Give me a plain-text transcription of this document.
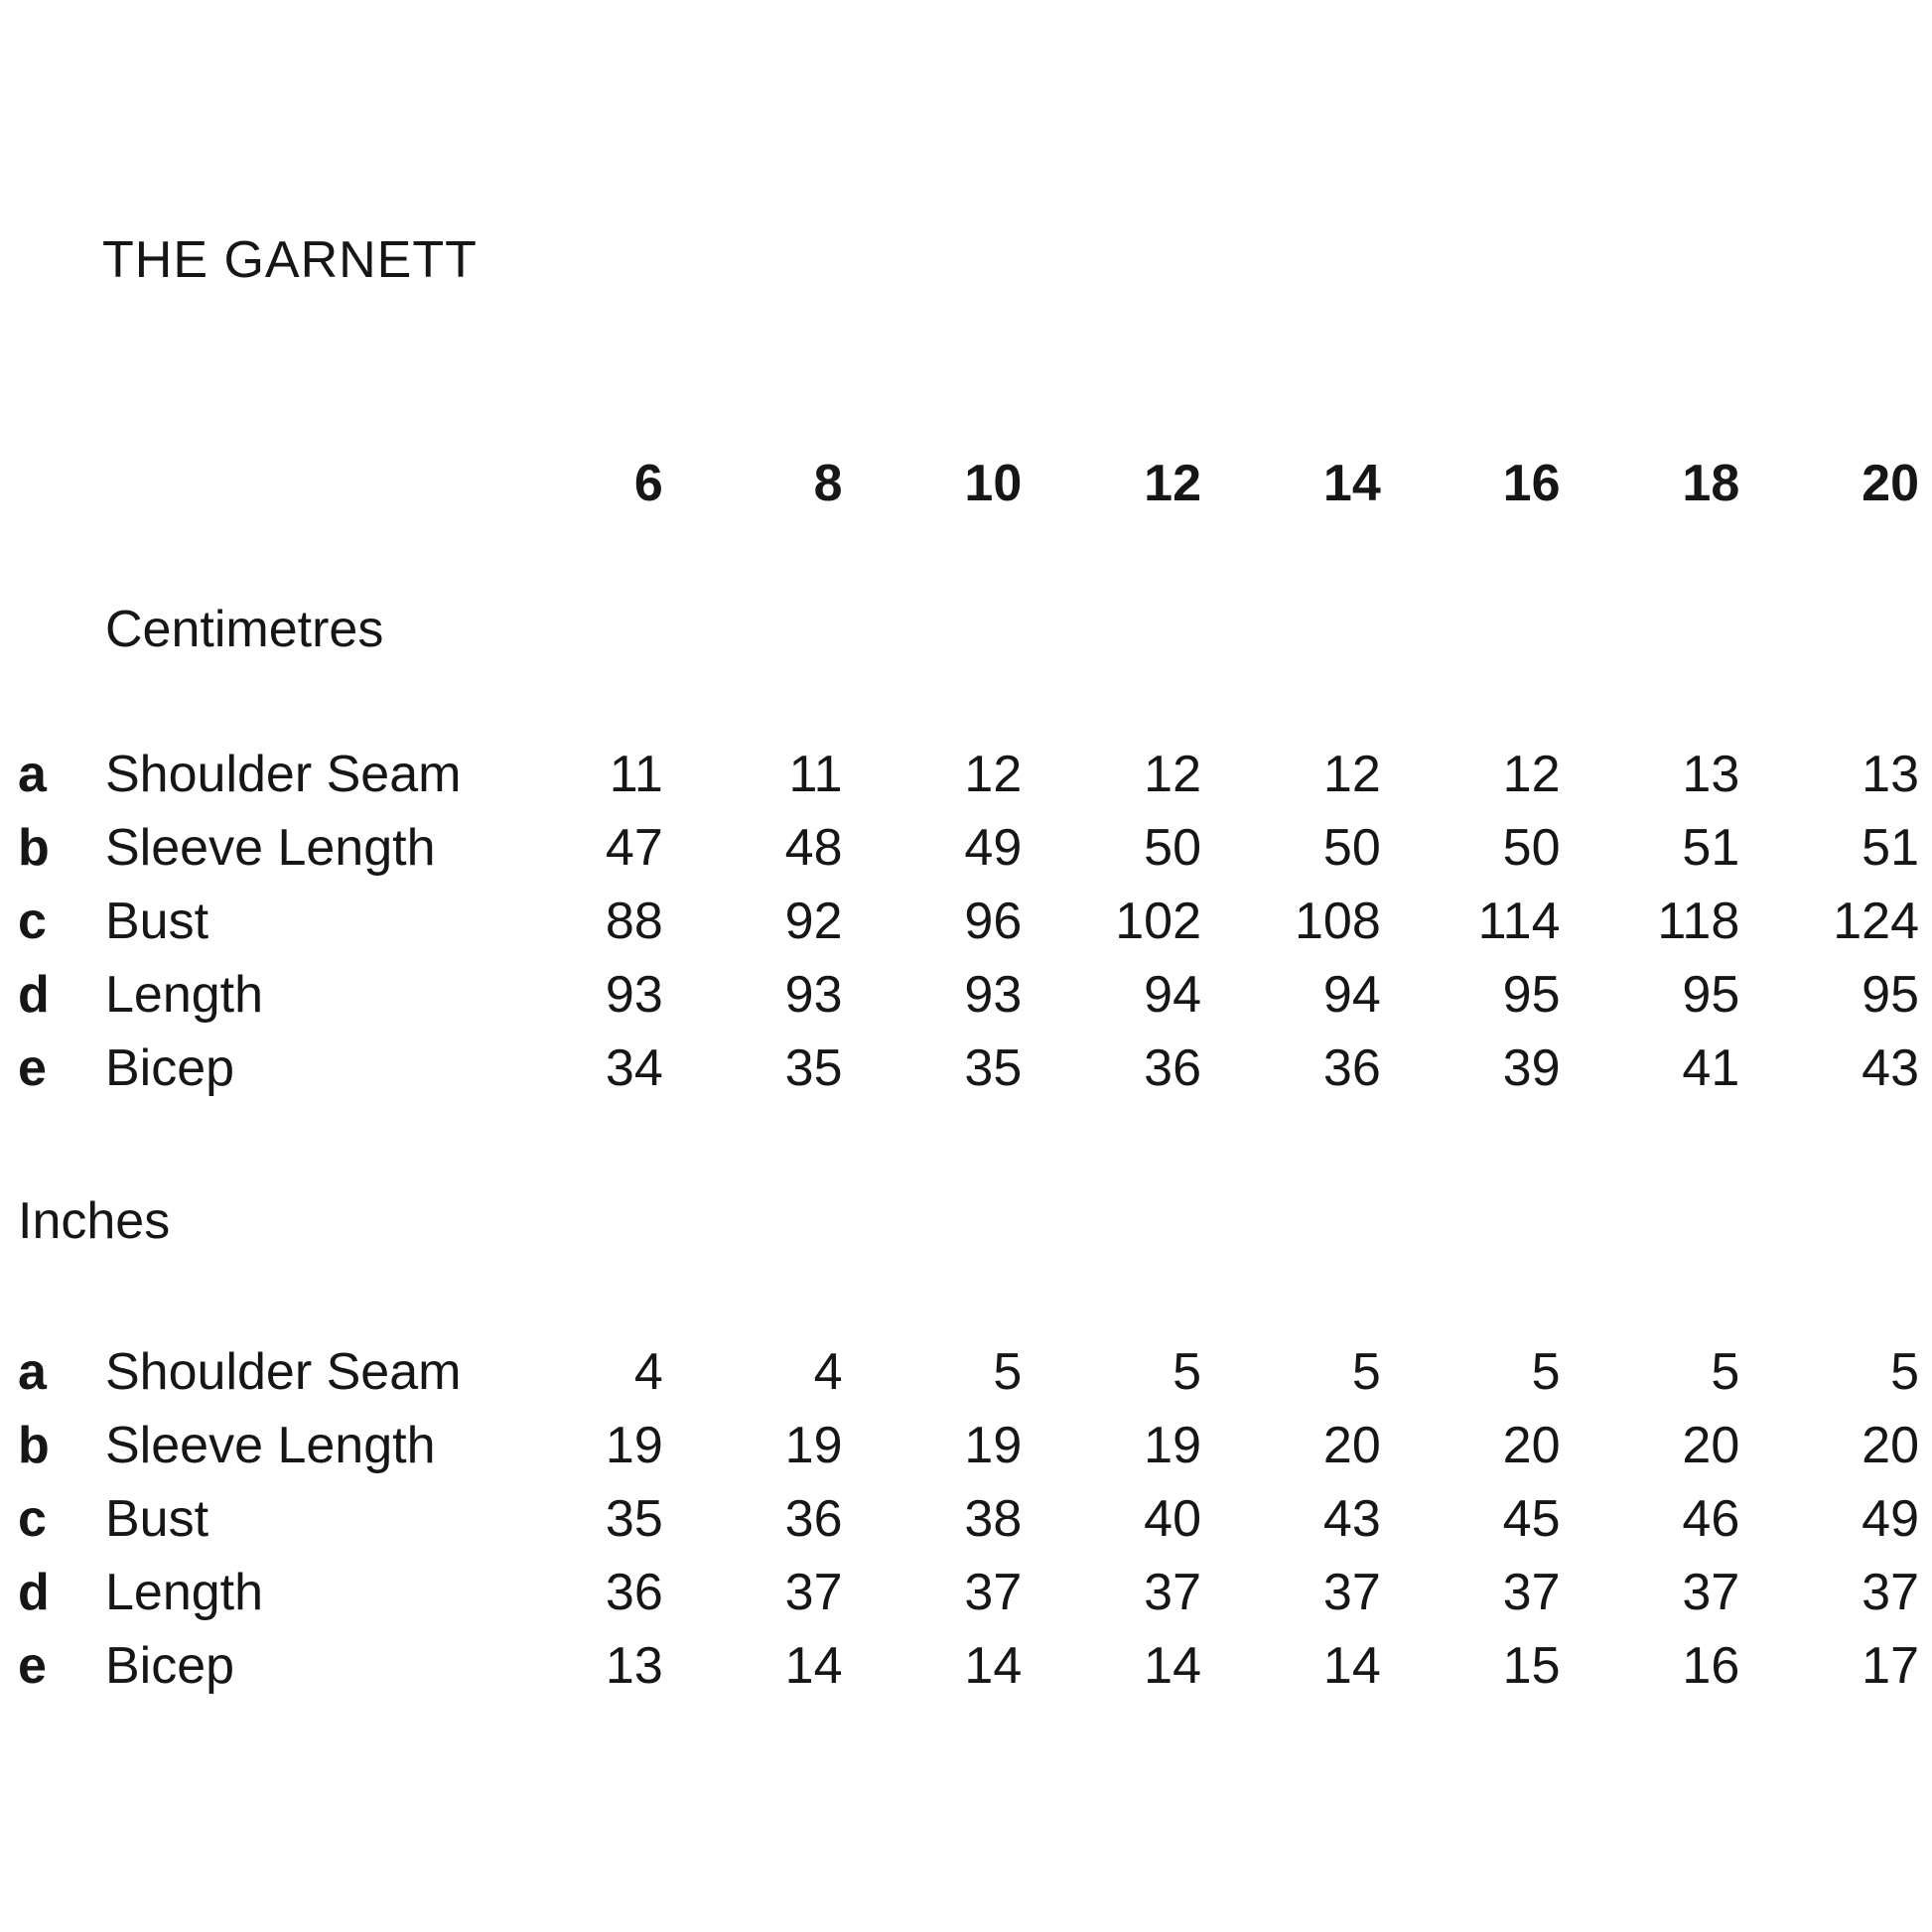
THE GARNETT
6	8	10	12	14	16	18	20
Centimetres
a	Shoulder Seam	11	11	12	12	12	12	13	13
b	Sleeve Length	47	48	49	50	50	50	51	51
c	Bust	88	92	96	102	108	114	118	124
d	Length	93	93	93	94	94	95	95	95
e	Bicep	34	35	35	36	36	39	41	43
Inches
a	Shoulder Seam	4	4	5	5	5	5	5	5
b	Sleeve Length	19	19	19	19	20	20	20	20
c	Bust	35	36	38	40	43	45	46	49
d	Length	36	37	37	37	37	37	37	37
e	Bicep	13	14	14	14	14	15	16	17
